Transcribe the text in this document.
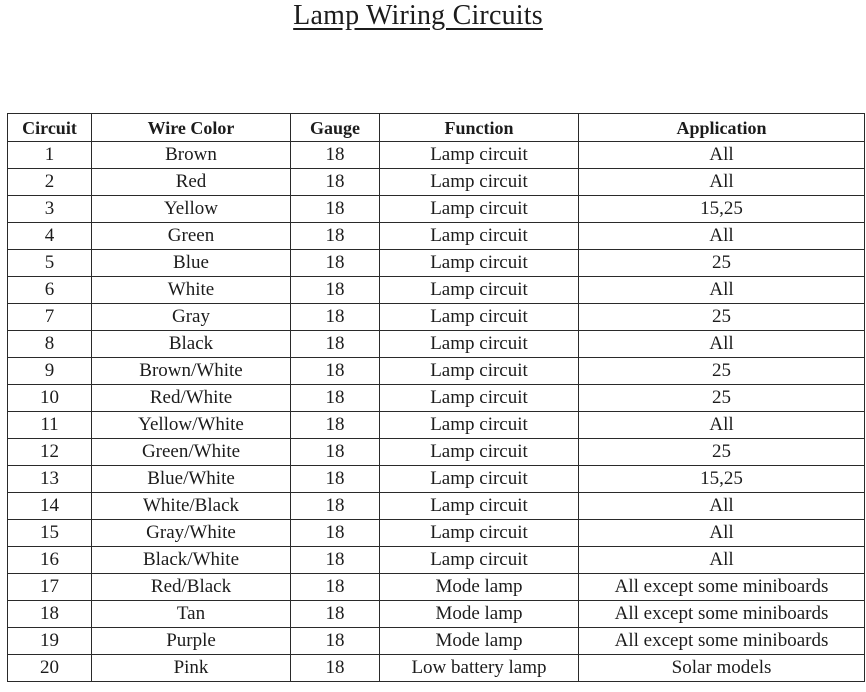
Lamp Wiring Circuits
Circuit	Wire Color	Gauge	Function	Application
1	Brown	18	Lamp circuit	All
2	Red	18	Lamp circuit	All
3	Yellow	18	Lamp circuit	15,25
4	Green	18	Lamp circuit	All
5	Blue	18	Lamp circuit	25
6	White	18	Lamp circuit	All
7	Gray	18	Lamp circuit	25
8	Black	18	Lamp circuit	All
9	Brown/White	18	Lamp circuit	25
10	Red/White	18	Lamp circuit	25
11	Yellow/White	18	Lamp circuit	All
12	Green/White	18	Lamp circuit	25
13	Blue/White	18	Lamp circuit	15,25
14	White/Black	18	Lamp circuit	All
15	Gray/White	18	Lamp circuit	All
16	Black/White	18	Lamp circuit	All
17	Red/Black	18	Mode lamp	All except some miniboards
18	Tan	18	Mode lamp	All except some miniboards
19	Purple	18	Mode lamp	All except some miniboards
20	Pink	18	Low battery lamp	Solar models
